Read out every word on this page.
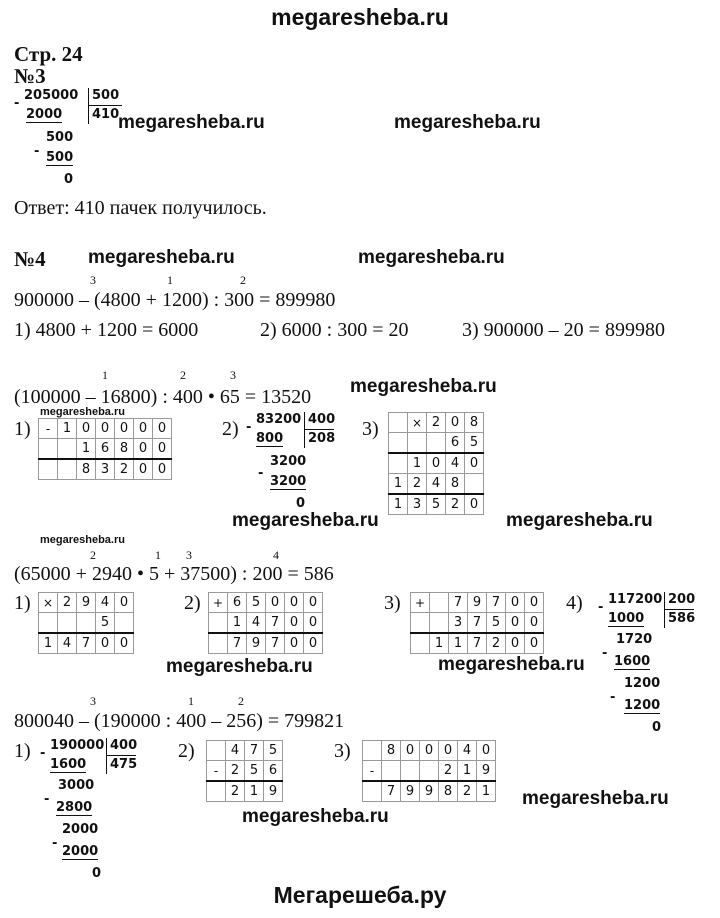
megaresheba.ru
Стр. 24
№3
-
205000 500
410
2000
500
- 500
0
megaresheba.ru	megaresheba.ru
Ответ: 410 пачек получилось.
№4 megaresheba.ru	megaresheba.ru
3	1	2
900000 – (4800 + 1200) : 300 = 899980
1) 4800 + 1200 = 6000	2) 6000 : 300 = 20	3) 900000 – 20 = 899980
1	2	3
(100000 – 16800) : 400 • 65 = 13520 megaresheba.ru
megaresheba.ru
1) -	1	0	0	0	0	0
		1	6	8	0	0
		8	3	2	0	0
2) -
83200 400
208
800
3200
-
3200
0
3)
		×	2	0	8
			6	5
	1	0	4	0
1	2	4	8	
1	3	5	2	0
megaresheba.ru	megaresheba.ru
megaresheba.ru
2	1 3	4
(65000 + 2940 • 5 + 37500) : 200 = 586
1) ×	2	9	4	0
			5	
1	4	7	0	0
2) +	6	5	0	0	0
	1	4	7	0	0
	7	9	7	0	0
3) +		7	9	7	0	0
		3	7	5	0	0
	1	1	7	2	0	0
4) -
117200 200
586
1000
1720
-
1600
1200
-
1200
0
megaresheba.ru	megaresheba.ru
3	1	2
800040 – (190000 : 400 – 256) = 799821
1) -
190000 400
475
1600
3000
-
2800
2000
-
2000
0
2)
		4	7	5
-	2	5	6
	2	1	9
3)
		8	0	0	0	4	0
-				2	1	9
	7	9	9	8	2	1 megaresheba.ru
megaresheba.ru
Мегарешеба.ру
